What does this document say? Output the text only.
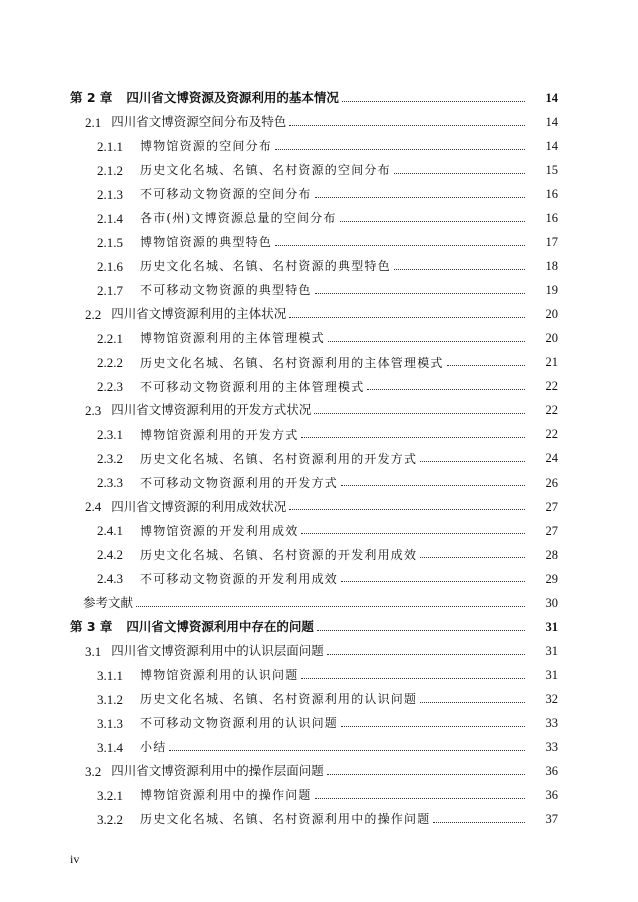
第 2 章	四川省文博资源及资源利用的基本情况	14
2.1 四川省文博资源空间分布及特色	14
2.1.1	博物馆资源的空间分布	14
2.1.2	历史文化名城、名镇、名村资源的空间分布	15
2.1.3	不可移动文物资源的空间分布	16
2.1.4	各市(州)文博资源总量的空间分布	16
2.1.5	博物馆资源的典型特色	17
2.1.6	历史文化名城、名镇、名村资源的典型特色	18
2.1.7	不可移动文物资源的典型特色	19
2.2 四川省文博资源利用的主体状况	20
2.2.1	博物馆资源利用的主体管理模式	20
2.2.2	历史文化名城、名镇、名村资源利用的主体管理模式	21
2.2.3	不可移动文物资源利用的主体管理模式	22
2.3 四川省文博资源利用的开发方式状况	22
2.3.1	博物馆资源利用的开发方式	22
2.3.2	历史文化名城、名镇、名村资源利用的开发方式	24
2.3.3	不可移动文物资源利用的开发方式	26
2.4 四川省文博资源的利用成效状况	27
2.4.1	博物馆资源的开发利用成效	27
2.4.2	历史文化名城、名镇、名村资源的开发利用成效	28
2.4.3	不可移动文物资源的开发利用成效	29
参考文献	30
第 3 章	四川省文博资源利用中存在的问题	31
3.1 四川省文博资源利用中的认识层面问题	31
3.1.1	博物馆资源利用的认识问题	31
3.1.2	历史文化名城、名镇、名村资源利用的认识问题	32
3.1.3	不可移动文物资源利用的认识问题	33
3.1.4	小结	33
3.2 四川省文博资源利用中的操作层面问题	36
3.2.1	博物馆资源利用中的操作问题	36
3.2.2	历史文化名城、名镇、名村资源利用中的操作问题	37
iv
